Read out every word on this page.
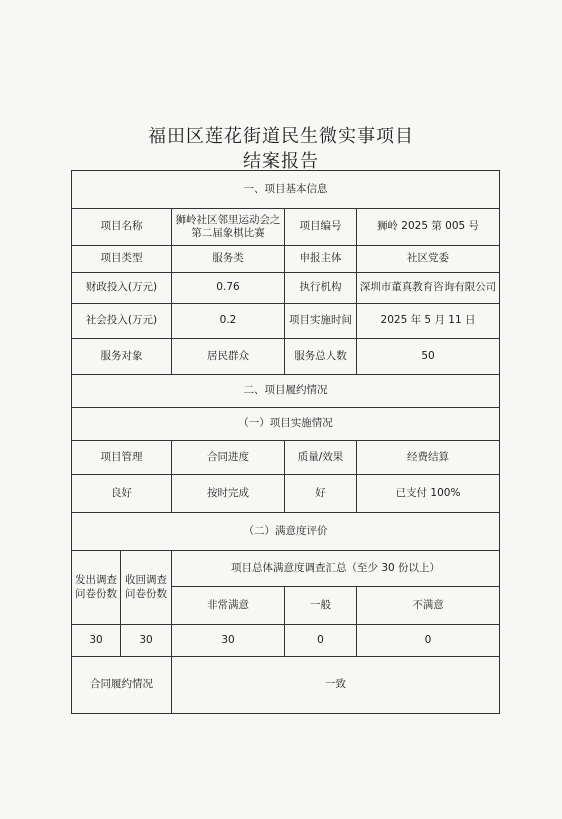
福田区莲花街道民生微实事项目
结案报告
一、项目基本信息				
项目名称		狮岭社区邻里运动会之第二届象棋比赛	项目编号	狮岭 2025 第 005 号
项目类型		服务类	申报主体	社区党委
财政投入(万元)		0.76	执行机构	深圳市董真教育咨询有限公司
社会投入(万元)		0.2	项目实施时间	2025 年 5 月 11 日
服务对象		居民群众	服务总人数	50
二、项目履约情况				
（一）项目实施情况				
项目管理		合同进度	质量/效果	经费结算
良好		按时完成	好	已支付 100%
（二）满意度评价				
发出调查问卷份数	收回调查问卷份数	项目总体满意度调查汇总（至少 30 份以上）		
		非常满意	一般	不满意
30	30	30	0	0
合同履约情况		一致		
